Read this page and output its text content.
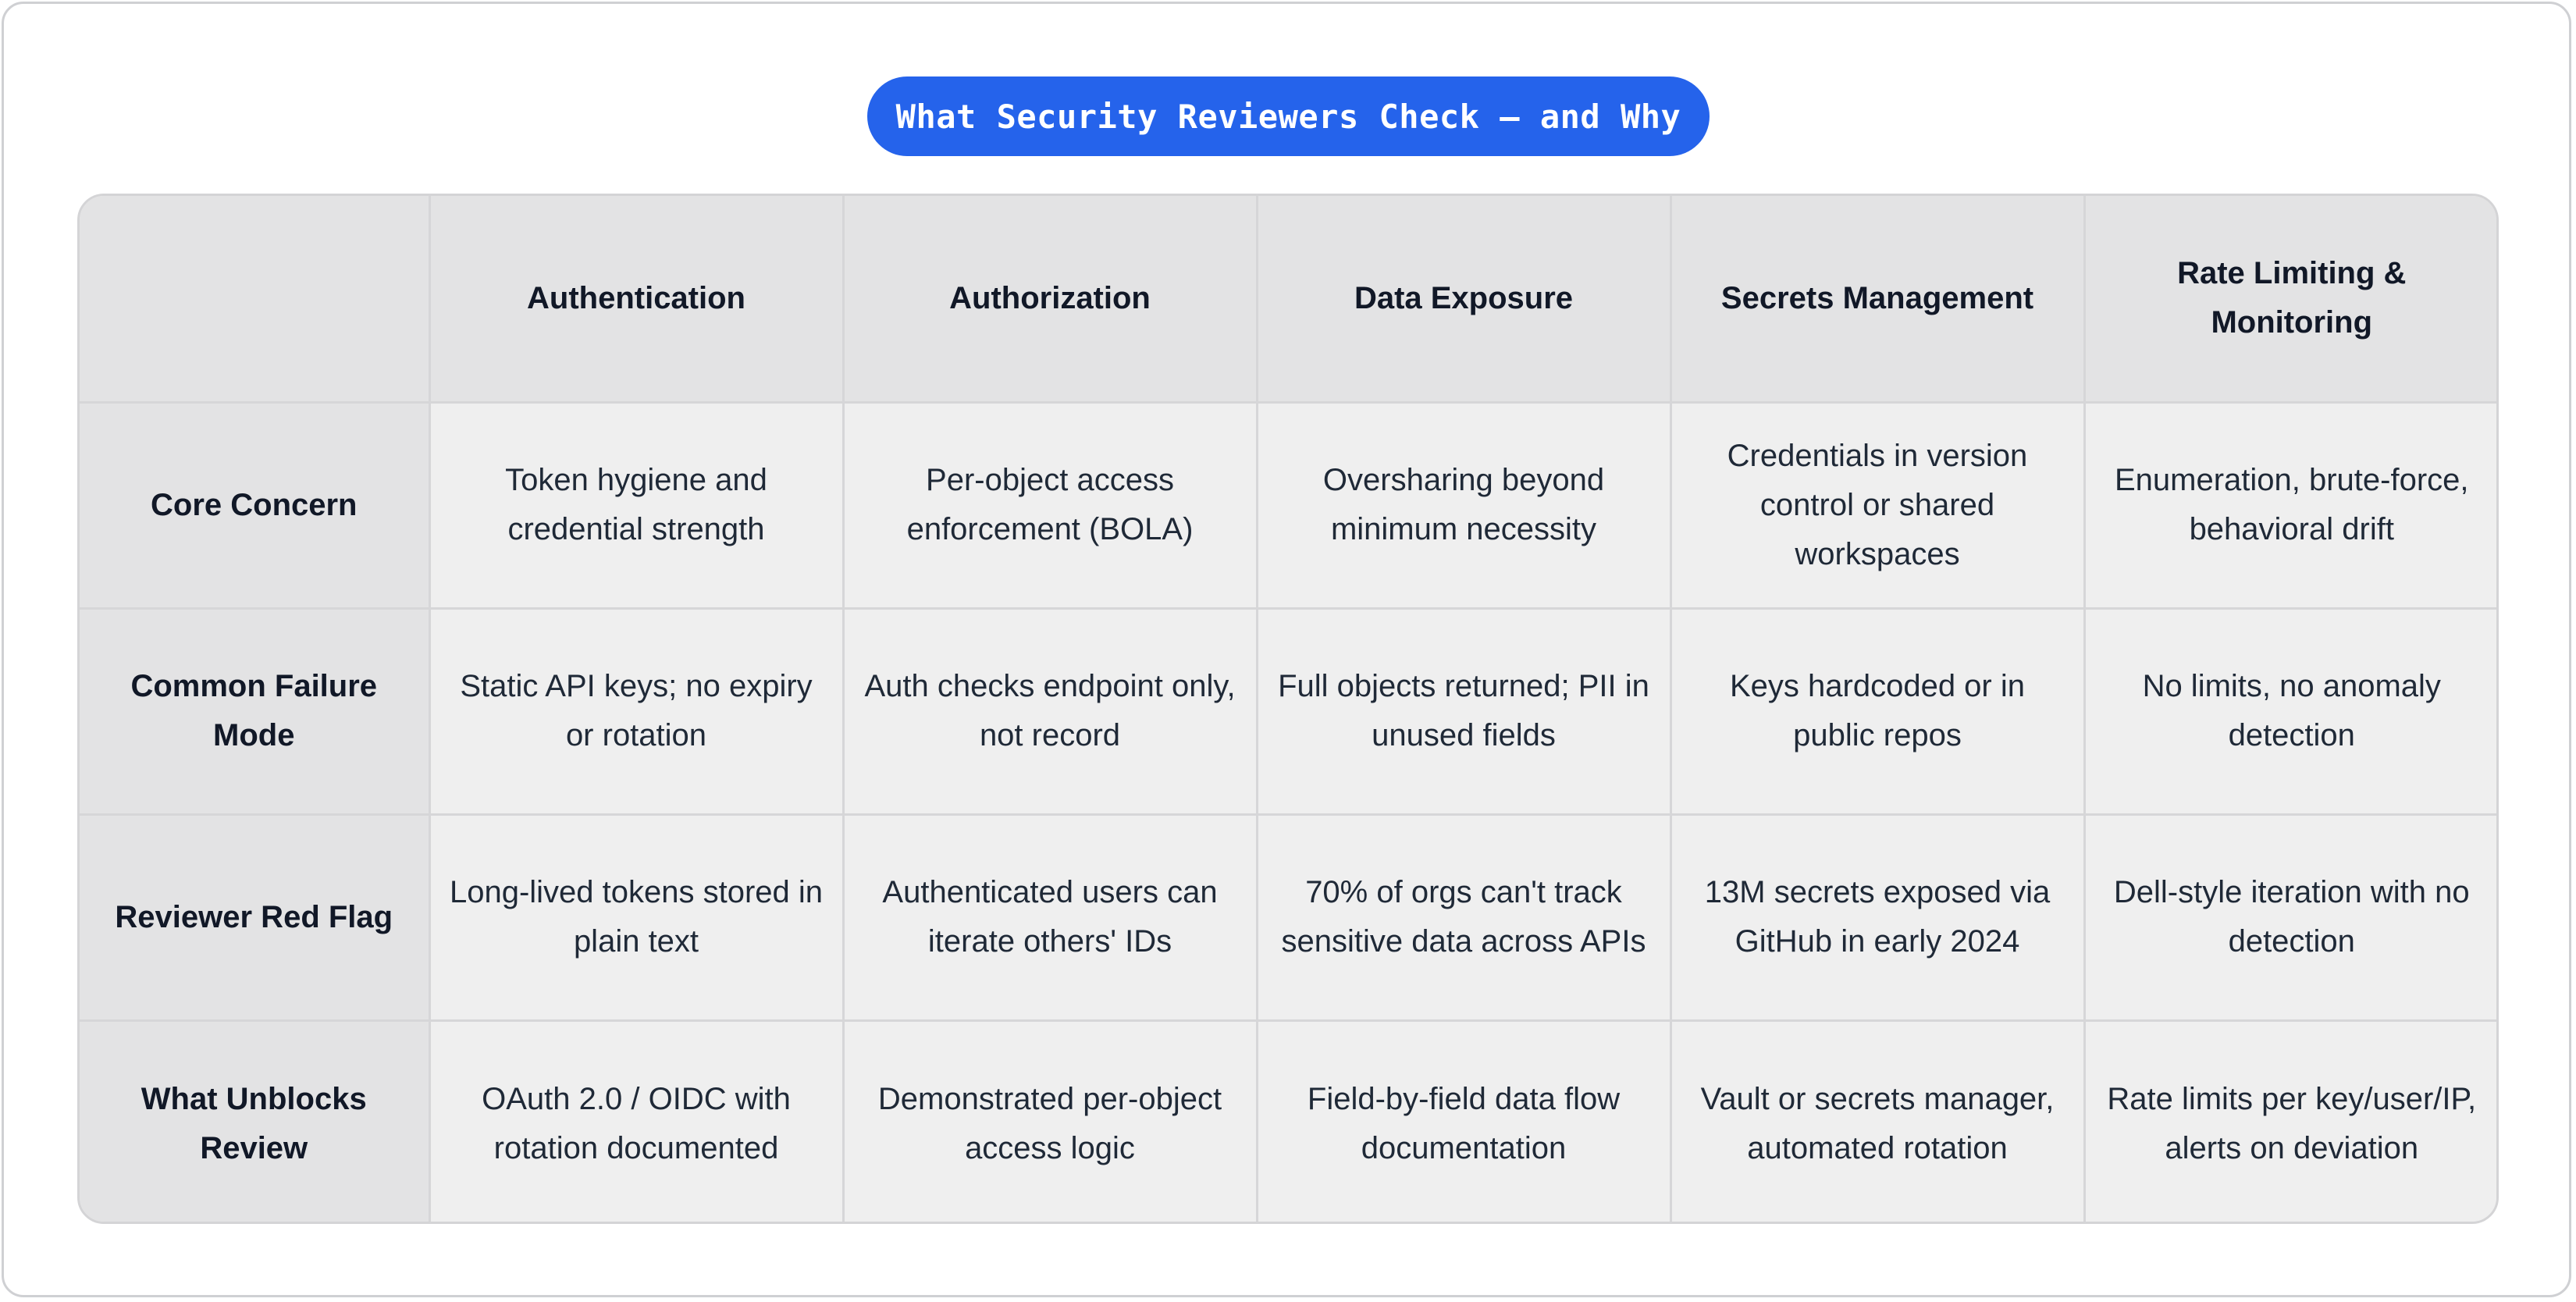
What Security Reviewers Check — and Why
	Authentication	Authorization	Data Exposure	Secrets Management	Rate Limiting & Monitoring
Core Concern	Token hygiene and credential strength	Per-object access enforcement (BOLA)	Oversharing beyond minimum necessity	Credentials in version control or shared workspaces	Enumeration, brute-force, behavioral drift
Common Failure Mode	Static API keys; no expiry or rotation	Auth checks endpoint only, not record	Full objects returned; PII in unused fields	Keys hardcoded or in public repos	No limits, no anomaly detection
Reviewer Red Flag	Long-lived tokens stored in plain text	Authenticated users can iterate others' IDs	70% of orgs can't track sensitive data across APIs	13M secrets exposed via GitHub in early 2024	Dell-style iteration with no detection
What Unblocks Review	OAuth 2.0 / OIDC with rotation documented	Demonstrated per-object access logic	Field-by-field data flow documentation	Vault or secrets manager, automated rotation	Rate limits per key/user/IP, alerts on deviation
